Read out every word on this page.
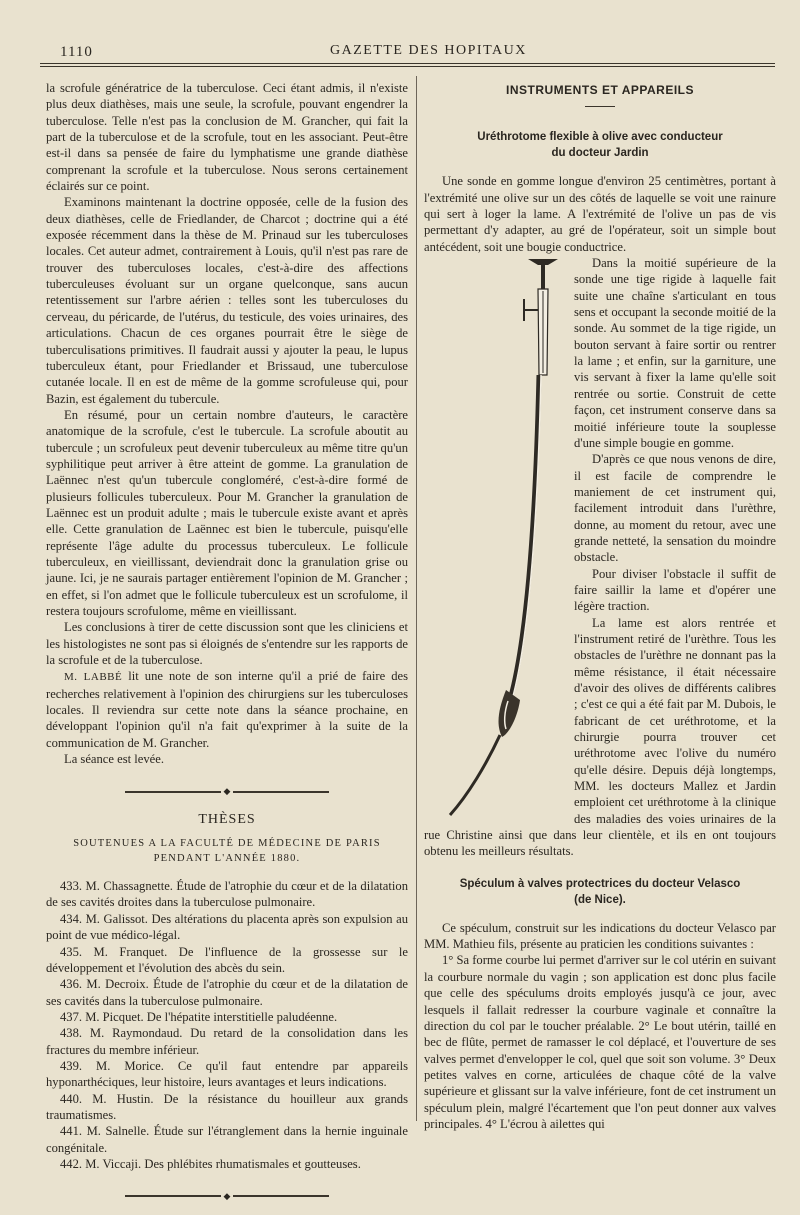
1110	GAZETTE DES HOPITAUX

la scrofule génératrice de la tuberculose. Ceci étant admis, il n'existe plus deux diathèses, mais une seule, la scrofule, pouvant engendrer la tuberculose. Telle n'est pas la conclusion de M. Grancher, qui fait la part de la tuberculose et de la scrofule, tout en les associant. Peut-être est-il dans sa pensée de faire du lymphatisme une grande diathèse comprenant la scrofule et la tuberculose. Nous serons certainement éclairés sur ce point.

Examinons maintenant la doctrine opposée, celle de la fusion des deux diathèses, celle de Friedlander, de Charcot ; doctrine qui a été exposée récemment dans la thèse de M. Prinaud sur les tuberculoses locales. Cet auteur admet, contrairement à Louis, qu'il n'est pas rare de trouver des tuberculoses locales, c'est-à-dire des affections tuberculeuses évoluant sur un organe quelconque, sans aucun retentissement sur l'arbre aérien : telles sont les tuberculoses du cerveau, du péricarde, de l'utérus, du testicule, des voies urinaires, des articulations. Chacun de ces organes pourrait être le siège de tuberculisations primitives. Il faudrait aussi y ajouter la peau, le lupus tuberculeux étant, pour Friedlander et Brissaud, une tuberculose cutanée locale. Il en est de même de la gomme scrofuleuse qui, pour Bazin, est également du tubercule.

En résumé, pour un certain nombre d'auteurs, le caractère anatomique de la scrofule, c'est le tubercule. La scrofule aboutit au tubercule ; un scrofuleux peut devenir tuberculeux au même titre qu'un syphilitique peut arriver à être atteint de gomme. La granulation de Laënnec n'est qu'un tubercule congloméré, c'est-à-dire formé de plusieurs follicules tuberculeux. Pour M. Grancher la granulation de Laënnec est un produit adulte ; mais le tubercule existe avant et après elle. Cette granulation de Laënnec est bien le tubercule, puisqu'elle représente l'âge adulte du processus tuberculeux. Le follicule tuberculeux, en vieillissant, deviendrait donc la granulation grise ou jaune. Ici, je ne saurais partager entièrement l'opinion de M. Grancher ; en effet, si l'on admet que le follicule tuberculeux est un scrofulome, il restera toujours scrofulome, même en vieillissant.

Les conclusions à tirer de cette discussion sont que les cliniciens et les histologistes ne sont pas si éloignés de s'entendre sur les rapports de la scrofule et de la tuberculose.

M. LABBÉ lit une note de son interne qu'il a prié de faire des recherches relativement à l'opinion des chirurgiens sur les tuberculoses locales. Il reviendra sur cette note dans la séance prochaine, en développant l'opinion qu'il n'a fait qu'exprimer à la suite de la communication de M. Grancher.

La séance est levée.

◆
THÈSES
SOUTENUES A LA FACULTÉ DE MÉDECINE DE PARIS
PENDANT L'ANNÉE 1880.

433. M. Chassagnette. Étude de l'atrophie du cœur et de la dilatation de ses cavités droites dans la tuberculose pulmonaire.

434. M. Galissot. Des altérations du placenta après son expulsion au point de vue médico-légal.

435. M. Franquet. De l'influence de la grossesse sur le développement et l'évolution des abcès du sein.

436. M. Decroix. Étude de l'atrophie du cœur et de la dilatation de ses cavités dans la tuberculose pulmonaire.

437. M. Picquet. De l'hépatite interstitielle paludéenne.

438. M. Raymondaud. Du retard de la consolidation dans les fractures du membre inférieur.

439. M. Morice. Ce qu'il faut entendre par appareils hyponarthéciques, leur histoire, leurs avantages et leurs indications.

440. M. Hustin. De la résistance du houilleur aux grands traumatismes.

441. M. Salnelle. Étude sur l'étranglement dans la hernie inguinale congénitale.

442. M. Viccaji. Des phlébites rhumatismales et goutteuses.

◆
INSTRUMENTS ET APPAREILS
Uréthrotome flexible à olive avec conducteur
du docteur Jardin

Une sonde en gomme longue d'environ 25 centimètres, portant à l'extrémité une olive sur un des côtés de laquelle se voit une rainure qui sert à loger la lame. A l'extrémité de l'olive un pas de vis permettant d'y adapter, au gré de l'opérateur, soit un simple bout antécédent, soit une bougie conductrice.

Dans la moitié supérieure de la sonde une tige rigide à laquelle fait suite une chaîne s'articulant en tous sens et occupant la seconde moitié de la sonde. Au sommet de la tige rigide, un bouton servant à faire sortir ou rentrer la lame ; et enfin, sur la garniture, une vis servant à fixer la lame qu'elle soit rentrée ou sortie. Construit de cette façon, cet instrument conserve dans sa moitié inférieure toute la souplesse d'une simple bougie en gomme.

D'après ce que nous venons de dire, il est facile de comprendre le maniement de cet instrument qui, facilement introduit dans l'urèthre, donne, au moment du retour, avec une grande netteté, la sensation du moindre obstacle.

Pour diviser l'obstacle il suffit de faire saillir la lame et d'opérer une légère traction.

La lame est alors rentrée et l'instrument retiré de l'urèthre. Tous les obstacles de l'urèthre ne donnant pas la même résistance, il était nécessaire d'avoir des olives de différents calibres ; c'est ce qui a été fait par M. Dubois, le fabricant de cet uréthrotome, et la chirurgie pourra trouver cet uréthrotome avec l'olive du numéro qu'elle désire. Depuis déjà longtemps, MM. les docteurs Mallez et Jardin emploient cet uréthrotome à la clinique des maladies des voies urinaires de la rue Christine ainsi que dans leur clientèle, et ils en ont toujours obtenu les meilleurs résultats.

Spéculum à valves protectrices du docteur Velasco
(de Nice).

Ce spéculum, construit sur les indications du docteur Velasco par MM. Mathieu fils, présente au praticien les conditions suivantes :

1° Sa forme courbe lui permet d'arriver sur le col utérin en suivant la courbure normale du vagin ; son application est donc plus facile que celle des spéculums droits employés jusqu'à ce jour, avec lesquels il fallait redresser la courbure vaginale et connaître la direction du col par le toucher préalable. 2° Le bout utérin, taillé en bec de flûte, permet de ramasser le col déplacé, et l'ouverture de ses valves permet d'envelopper le col, quel que soit son volume. 3° Deux petites valves en corne, articulées de chaque côté de la valve supérieure et glissant sur la valve inférieure, font de cet instrument un spéculum plein, malgré l'écartement que l'on peut donner aux valves principales. 4° L'écrou à ailettes qui
